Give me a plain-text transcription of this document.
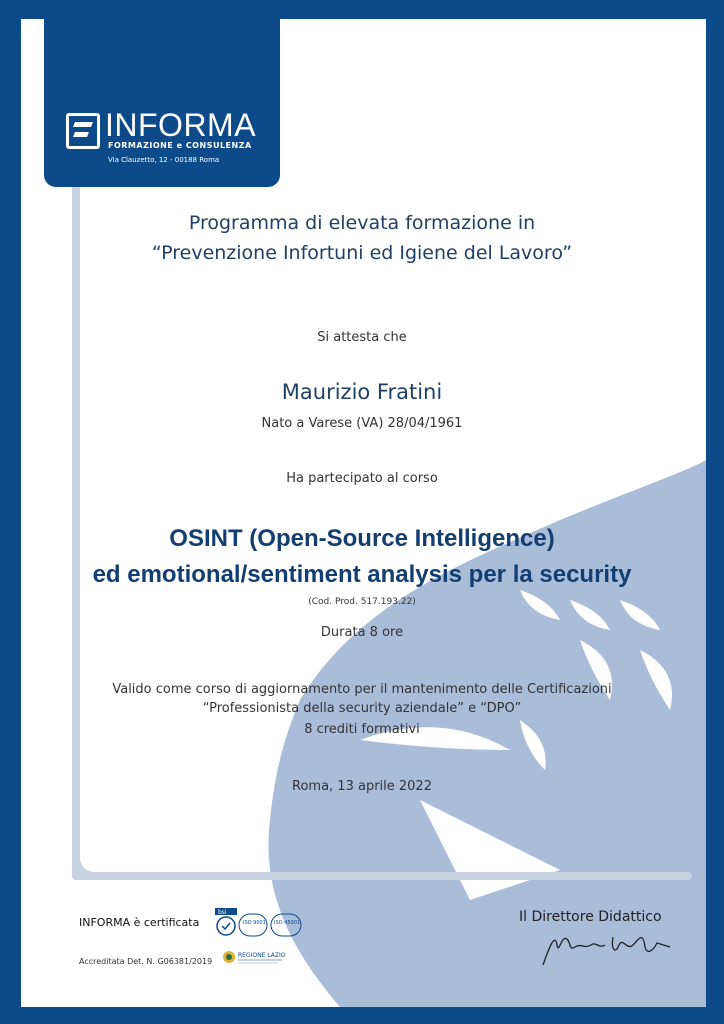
INFORMA
FORMAZIONE e CONSULENZA
Via Clauzetto, 12 - 00188 Roma
Programma di elevata formazione in
“Prevenzione Infortuni ed Igiene del Lavoro”
Si attesta che
Maurizio Fratini
Nato a Varese (VA) 28/04/1961
Ha partecipato al corso
OSINT (Open-Source Intelligence)
ed emotional/sentiment analysis per la security
(Cod. Prod. 517.193.22)
Durata 8 ore
Valido come corso di aggiornamento per il mantenimento delle Certificazioni
“Professionista della security aziendale” e “DPO”
8 crediti formativi
Roma, 13 aprile 2022
INFORMA è certificata
bsi
ISO 9001 ISO 45001
Accreditata Det. N. G06381/2019
REGIONE LAZIO
Il Direttore Didattico
